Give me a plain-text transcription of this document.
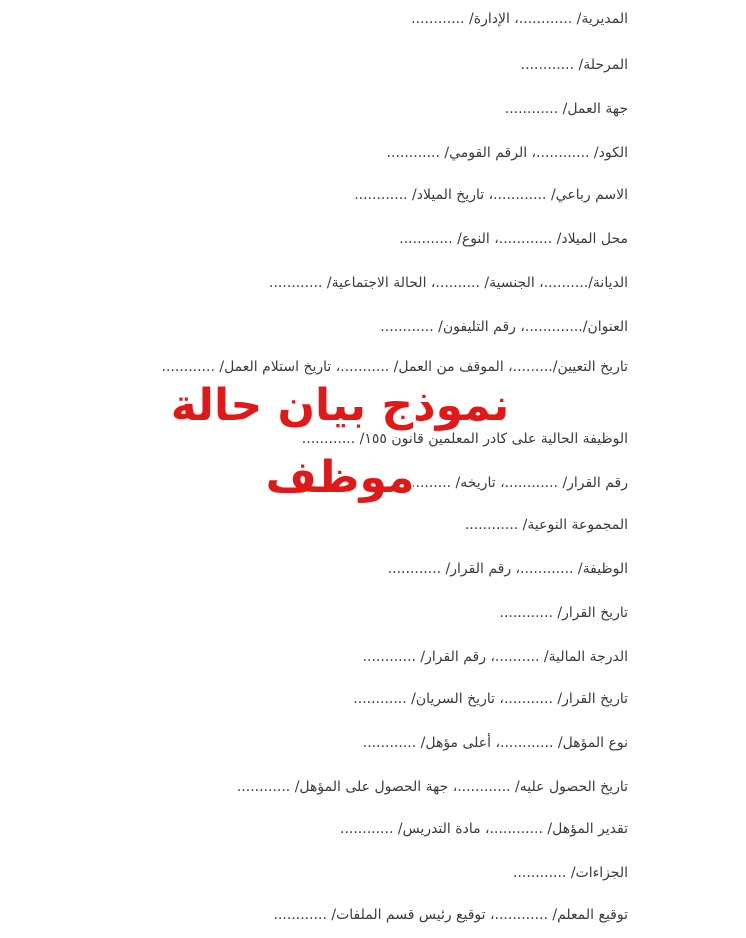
المديرية/ ............، الإدارة/ ............
المرحلة/ ............
جهة العمل/ ............
الكود/ ............، الرقم القومي/ ............
الاسم رباعي/ ............، تاريخ الميلاد/ ............
محل الميلاد/ ............، النوع/ ............
الديانة/..........، الجنسية/ ..........، الحالة الاجتماعية/ ............
العنوان/.............، رقم التليفون/ ............
تاريخ التعيين/.........، الموقف من العمل/ ...........، تاريخ استلام العمل/ ............
الوظيفة الحالية على كادر المعلمين قانون ١٥٥/ ............
رقم القرار/ ............، تاريخه/ ............
المجموعة النوعية/ ............
الوظيفة/ ............، رقم القرار/ ............
تاريخ القرار/ ............
الدرجة المالية/ ..........، رقم القرار/ ............
تاريخ القرار/ ...........، تاريخ السريان/ ............
نوع المؤهل/ ............، أعلى مؤهل/ ............
تاريخ الحصول عليه/ ............، جهة الحصول على المؤهل/ ............
تقدير المؤهل/ ............، مادة التدريس/ ............
الجزاءات/ ............
توقيع المعلم/ ............، توقيع رئيس قسم الملفات/ ............
نموذج بيان حالة موظف
